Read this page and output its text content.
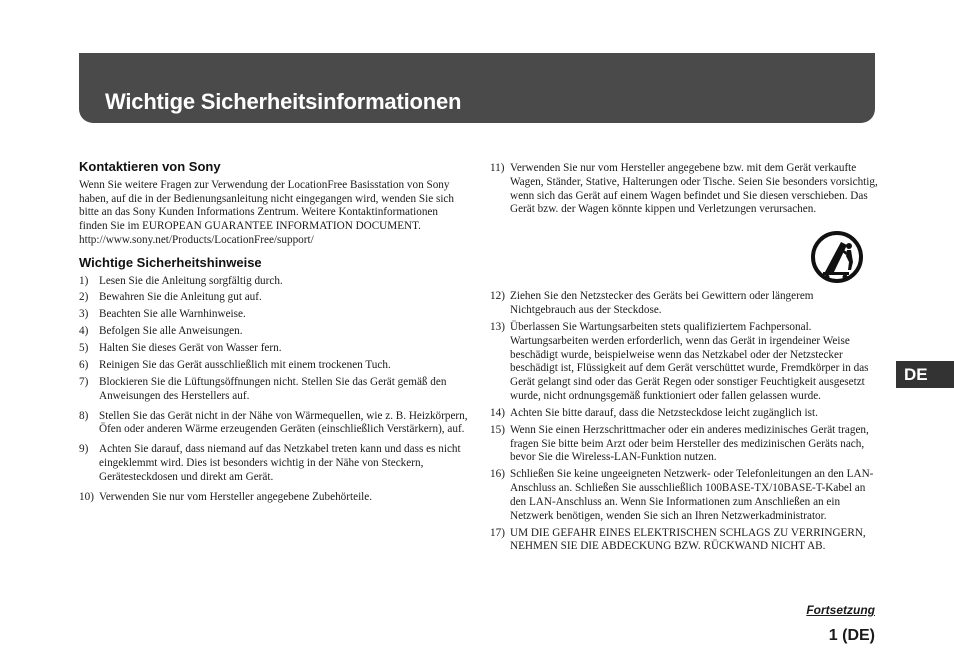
Wichtige Sicherheitsinformationen
Kontaktieren von Sony

Wenn Sie weitere Fragen zur Verwendung der LocationFree Basisstation von Sony haben, auf die in der Bedienungsanleitung nicht eingegangen wird, wenden Sie sich bitte an das Sony Kunden Informations Zentrum. Weitere Kontaktinformationen finden Sie im EUROPEAN GUARANTEE INFORMATION DOCUMENT.

http://www.sony.net/Products/LocationFree/support/

Wichtige Sicherheitshinweise
1) Lesen Sie die Anleitung sorgfältig durch.
2) Bewahren Sie die Anleitung gut auf.
3) Beachten Sie alle Warnhinweise.
4) Befolgen Sie alle Anweisungen.
5) Halten Sie dieses Gerät von Wasser fern.
6) Reinigen Sie das Gerät ausschließlich mit einem trockenen Tuch.
7) Blockieren Sie die Lüftungsöffnungen nicht. Stellen Sie das Gerät gemäß den Anweisungen des Herstellers auf.
8) Stellen Sie das Gerät nicht in der Nähe von Wärmequellen, wie z. B. Heizkörpern, Öfen oder anderen Wärme erzeugenden Geräten (einschließlich Verstärkern), auf.
9) Achten Sie darauf, dass niemand auf das Netzkabel treten kann und dass es nicht eingeklemmt wird. Dies ist besonders wichtig in der Nähe von Steckern, Gerätesteckdosen und direkt am Gerät.
10) Verwenden Sie nur vom Hersteller angegebene Zubehörteile.
11) Verwenden Sie nur vom Hersteller angegebene bzw. mit dem Gerät verkaufte Wagen, Ständer, Stative, Halterungen oder Tische. Seien Sie besonders vorsichtig, wenn sich das Gerät auf einem Wagen befindet und Sie diesen verschieben. Das Gerät bzw. der Wagen könnte kippen und Verletzungen verursachen.
12) Ziehen Sie den Netzstecker des Geräts bei Gewittern oder längerem Nichtgebrauch aus der Steckdose.
13) Überlassen Sie Wartungsarbeiten stets qualifiziertem Fachpersonal. Wartungsarbeiten werden erforderlich, wenn das Gerät in irgendeiner Weise beschädigt wurde, beispielweise wenn das Netzkabel oder der Netzstecker beschädigt ist, Flüssigkeit auf dem Gerät verschüttet wurde, Fremdkörper in das Gerät gelangt sind oder das Gerät Regen oder sonstiger Feuchtigkeit ausgesetzt wurde, nicht ordnungsgemäß funktioniert oder fallen gelassen wurde.
14) Achten Sie bitte darauf, dass die Netzsteckdose leicht zugänglich ist.
15) Wenn Sie einen Herzschrittmacher oder ein anderes medizinisches Gerät tragen, fragen Sie bitte beim Arzt oder beim Hersteller des medizinischen Geräts nach, bevor Sie die Wireless-LAN-Funktion nutzen.
16) Schließen Sie keine ungeeigneten Netzwerk- oder Telefonleitungen an den LAN-Anschluss an. Schließen Sie ausschließlich 100BASE-TX/10BASE-T-Kabel an den LAN-Anschluss an. Wenn Sie Informationen zum Anschließen an ein Netzwerk benötigen, wenden Sie sich an Ihren Netzwerkadministrator.
17) UM DIE GEFAHR EINES ELEKTRISCHEN SCHLAGS ZU VERRINGERN, NEHMEN SIE DIE ABDECKUNG BZW. RÜCKWAND NICHT AB.
DE
Fortsetzung
1 (DE)
